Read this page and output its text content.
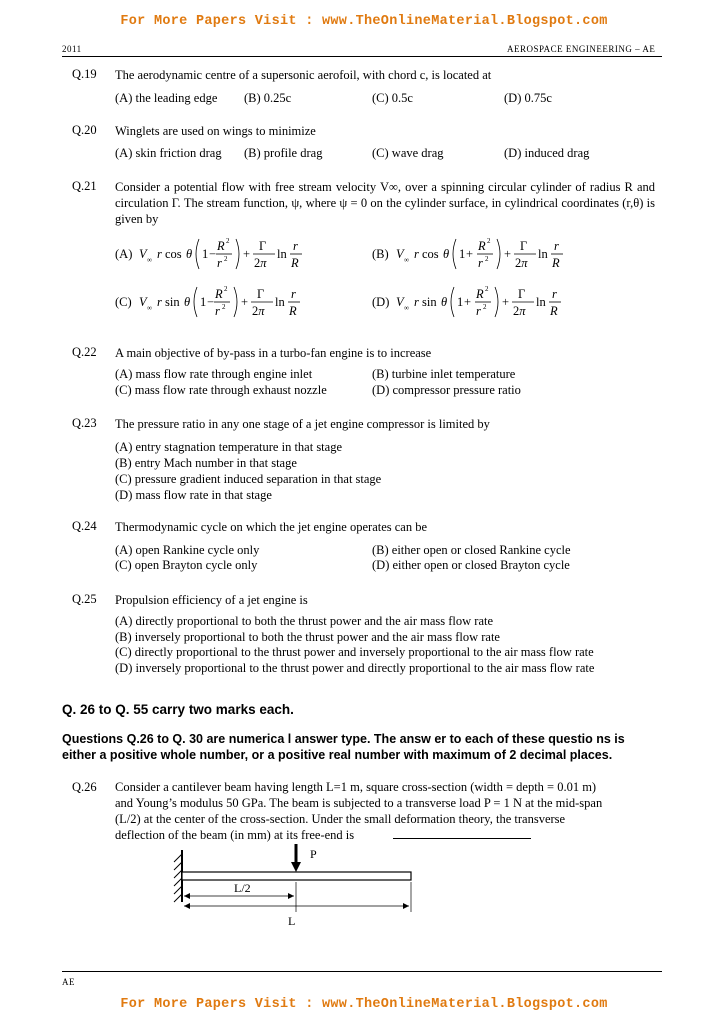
For More Papers Visit : www.TheOnlineMaterial.Blogspot.com
2011	AEROSPACE ENGINEERING – AE
Q.19 The aerodynamic centre of a supersonic aerofoil, with chord c, is located at
(A) the leading edge (B) 0.25c	(C) 0.5c	(D) 0.75c
Q.20 Winglets are used on wings to minimize
(A) skin friction drag (B) profile drag	(C) wave drag	(D) induced drag
Q.21 Consider a potential flow with free stream velocity V∞, over a spinning circular cylinder of radius R and circulation Γ. The stream function, ψ, where ψ = 0 on the cylinder surface, in cylindrical coordinates (r,θ) is given by
(A) V ∞ r cos θ 1 −
R 2
r 2 +
Γ
2π
ln
r
R
(B) V ∞ r cos θ 1 +
R 2
r 2 +
Γ
2π
ln
r
R
(C) V ∞ r sin θ 1 −
R 2
r 2 +
Γ
2π
ln
r
R
(D) V ∞ r sin θ 1 +
R 2
r 2 +
Γ
2π
ln
r
R
Q.22 A main objective of by-pass in a turbo-fan engine is to increase
(A) mass flow rate through engine inlet	(B) turbine inlet temperature
(C) mass flow rate through exhaust nozzle	(D) compressor pressure ratio
Q.23 The pressure ratio in any one stage of a jet engine compressor is limited by
(A) entry stagnation temperature in that stage
(B) entry Mach number in that stage
(C) pressure gradient induced separation in that stage
(D) mass flow rate in that stage
Q.24 Thermodynamic cycle on which the jet engine operates can be
(A) open Rankine cycle only	(B) either open or closed Rankine cycle
(C) open Brayton cycle only	(D) either open or closed Brayton cycle
Q.25 Propulsion efficiency of a jet engine is
(A) directly proportional to both the thrust power and the air mass flow rate
(B) inversely proportional to both the thrust power and the air mass flow rate
(C) directly proportional to the thrust power and inversely proportional to the air mass flow rate
(D) inversely proportional to the thrust power and directly proportional to the air mass flow rate
Q. 26 to Q. 55 carry two marks each.
Questions Q.26 to Q. 30 are numerica l answer type. The answ er to each of these questio ns is
either a positive whole number, or a positive real number with maximum of 2 decimal places.
Q.26 Consider a cantilever beam having length L=1 m, square cross-section (width = depth = 0.01 m)
and Young’s modulus 50 GPa. The beam is subjected to a transverse load P = 1 N at the mid-span
(L/2) at the center of the cross-section. Under the small deformation theory, the transverse
deflection of the beam (in mm) at its free-end is
P
L/2
L
AE
For More Papers Visit : www.TheOnlineMaterial.Blogspot.com
